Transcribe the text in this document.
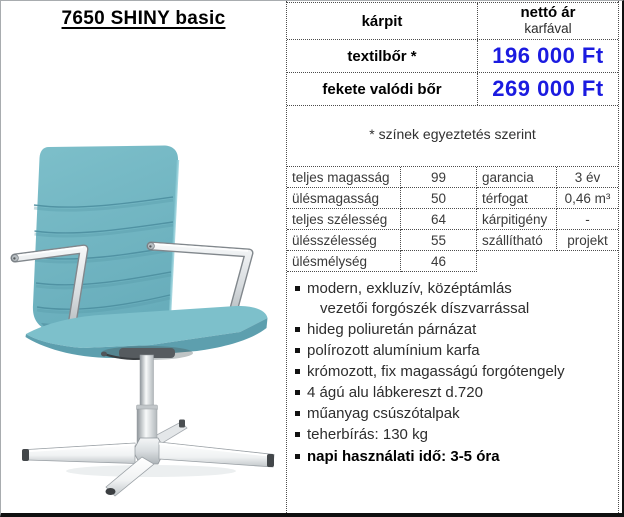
7650 SHINY basic	kárpit	nettó ár
karfával
textilbőr *	196 000 Ft
fekete valódi bőr	269 000 Ft
* színek egyeztetés szerint
teljes magasság	99	garancia	3 év
ülésmagasság	50	térfogat	0,46 m³
teljes szélesség	64	kárpitigény	-
ülésszélesség	55	szállítható	projekt
ülésmélység	46
modern, exkluzív, középtámlás
vezetői forgószék díszvarrással
hideg poliuretán párnázat
polírozott alumínium karfa
krómozott, fix magasságú forgótengely
4 ágú alu lábkereszt d.720
műanyag csúszótalpak
teherbírás: 130 kg
napi használati idő: 3-5 óra
